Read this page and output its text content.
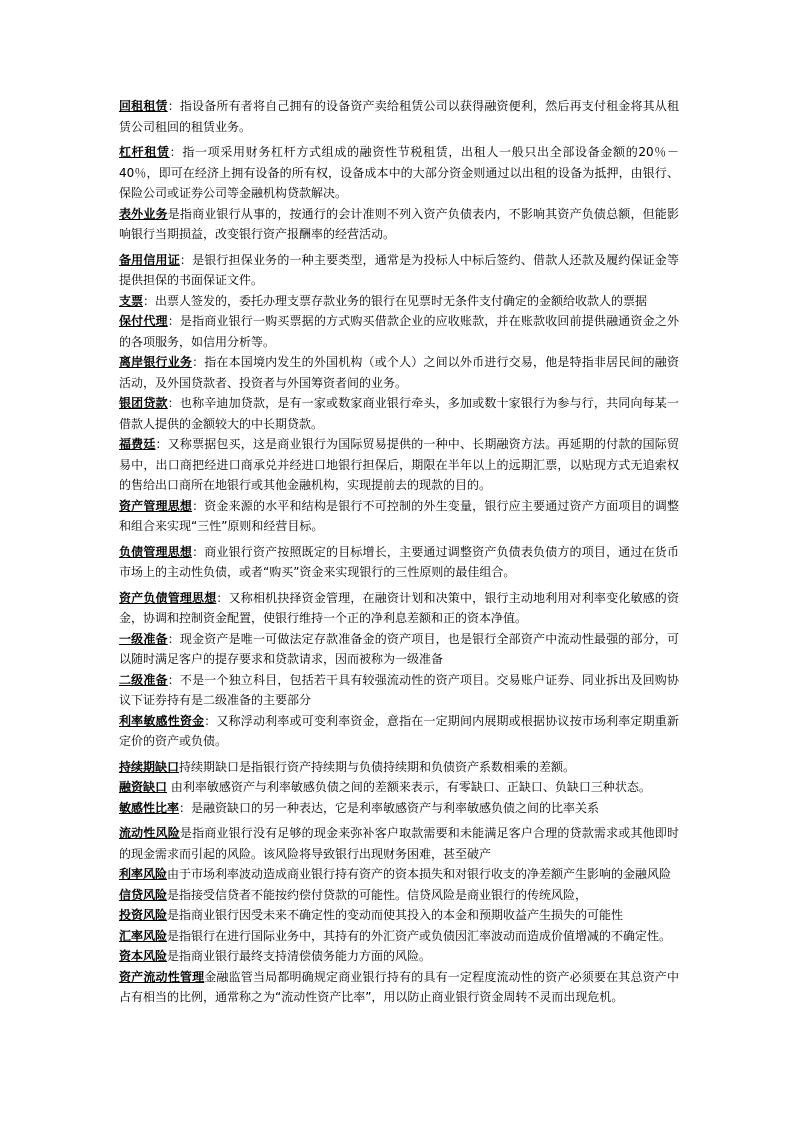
回租租赁：指设备所有者将自己拥有的设备资产卖给租赁公司以获得融资便利，然后再支付租金将其从租赁公司租回的租赁业务。

杠杆租赁：指一项采用财务杠杆方式组成的融资性节税租赁，出租人一般只出全部设备金额的20％－40％，即可在经济上拥有设备的所有权，设备成本中的大部分资金则通过以出租的设备为抵押，由银行、保险公司或证券公司等金融机构贷款解决。

表外业务是指商业银行从事的，按通行的会计准则不列入资产负债表内，不影响其资产负债总额，但能影响银行当期损益，改变银行资产报酬率的经营活动。

备用信用证：是银行担保业务的一种主要类型，通常是为投标人中标后签约、借款人还款及履约保证金等提供担保的书面保证文件。

支票：出票人签发的，委托办理支票存款业务的银行在见票时无条件支付确定的金额给收款人的票据

保付代理：是指商业银行一购买票据的方式购买借款企业的应收账款，并在账款收回前提供融通资金之外的各项服务，如信用分析等。

离岸银行业务：指在本国境内发生的外国机构（或个人）之间以外币进行交易，他是特指非居民间的融资活动，及外国贷款者、投资者与外国筹资者间的业务。

银团贷款：也称辛迪加贷款，是有一家或数家商业银行牵头，多加或数十家银行为参与行，共同向每某一借款人提供的金额较大的中长期贷款。

福费廷：又称票据包买，这是商业银行为国际贸易提供的一种中、长期融资方法。再延期的付款的国际贸易中，出口商把经进口商承兑并经进口地银行担保后，期限在半年以上的远期汇票，以贴现方式无追索权的售给出口商所在地银行或其他金融机构，实现提前去的现款的目的。

资产管理思想：资金来源的水平和结构是银行不可控制的外生变量，银行应主要通过资产方面项目的调整和组合来实现“三性”原则和经营目标。

负债管理思想：商业银行资产按照既定的目标增长，主要通过调整资产负债表负债方的项目，通过在货币市场上的主动性负债，或者“购买”资金来实现银行的三性原则的最佳组合。

资产负债管理思想：又称相机抉择资金管理，在融资计划和决策中，银行主动地利用对利率变化敏感的资金，协调和控制资金配置，使银行维持一个正的净利息差额和正的资本净值。

一级准备：现金资产是唯一可做法定存款准备金的资产项目，也是银行全部资产中流动性最强的部分，可以随时满足客户的提存要求和贷款请求，因而被称为一级准备

二级准备：不是一个独立科目，包括若干具有较强流动性的资产项目。交易账户证券、同业拆出及回购协议下证券持有是二级准备的主要部分

利率敏感性资金：又称浮动利率或可变利率资金，意指在一定期间内展期或根据协议按市场利率定期重新定价的资产或负债。

持续期缺口持续期缺口是指银行资产持续期与负债持续期和负债资产系数相乘的差额。

融资缺口 由利率敏感资产与利率敏感负债之间的差额来表示，有零缺口、正缺口、负缺口三种状态。

敏感性比率：是融资缺口的另一种表达，它是利率敏感资产与利率敏感负债之间的比率关系

流动性风险是指商业银行没有足够的现金来弥补客户取款需要和未能满足客户合理的贷款需求或其他即时的现金需求而引起的风险。该风险将导致银行出现财务困难，甚至破产

利率风险由于市场利率波动造成商业银行持有资产的资本损失和对银行收支的净差额产生影响的金融风险

信贷风险是指接受信贷者不能按约偿付贷款的可能性。信贷风险是商业银行的传统风险，

投资风险是指商业银行因受未来不确定性的变动而使其投入的本金和预期收益产生损失的可能性

汇率风险是指银行在进行国际业务中，其持有的外汇资产或负债因汇率波动而造成价值增减的不确定性。

资本风险是指商业银行最终支持清偿债务能力方面的风险。

资产流动性管理金融监管当局都明确规定商业银行持有的具有一定程度流动性的资产必须要在其总资产中占有相当的比例，通常称之为“流动性资产比率”，用以防止商业银行资金周转不灵而出现危机。
